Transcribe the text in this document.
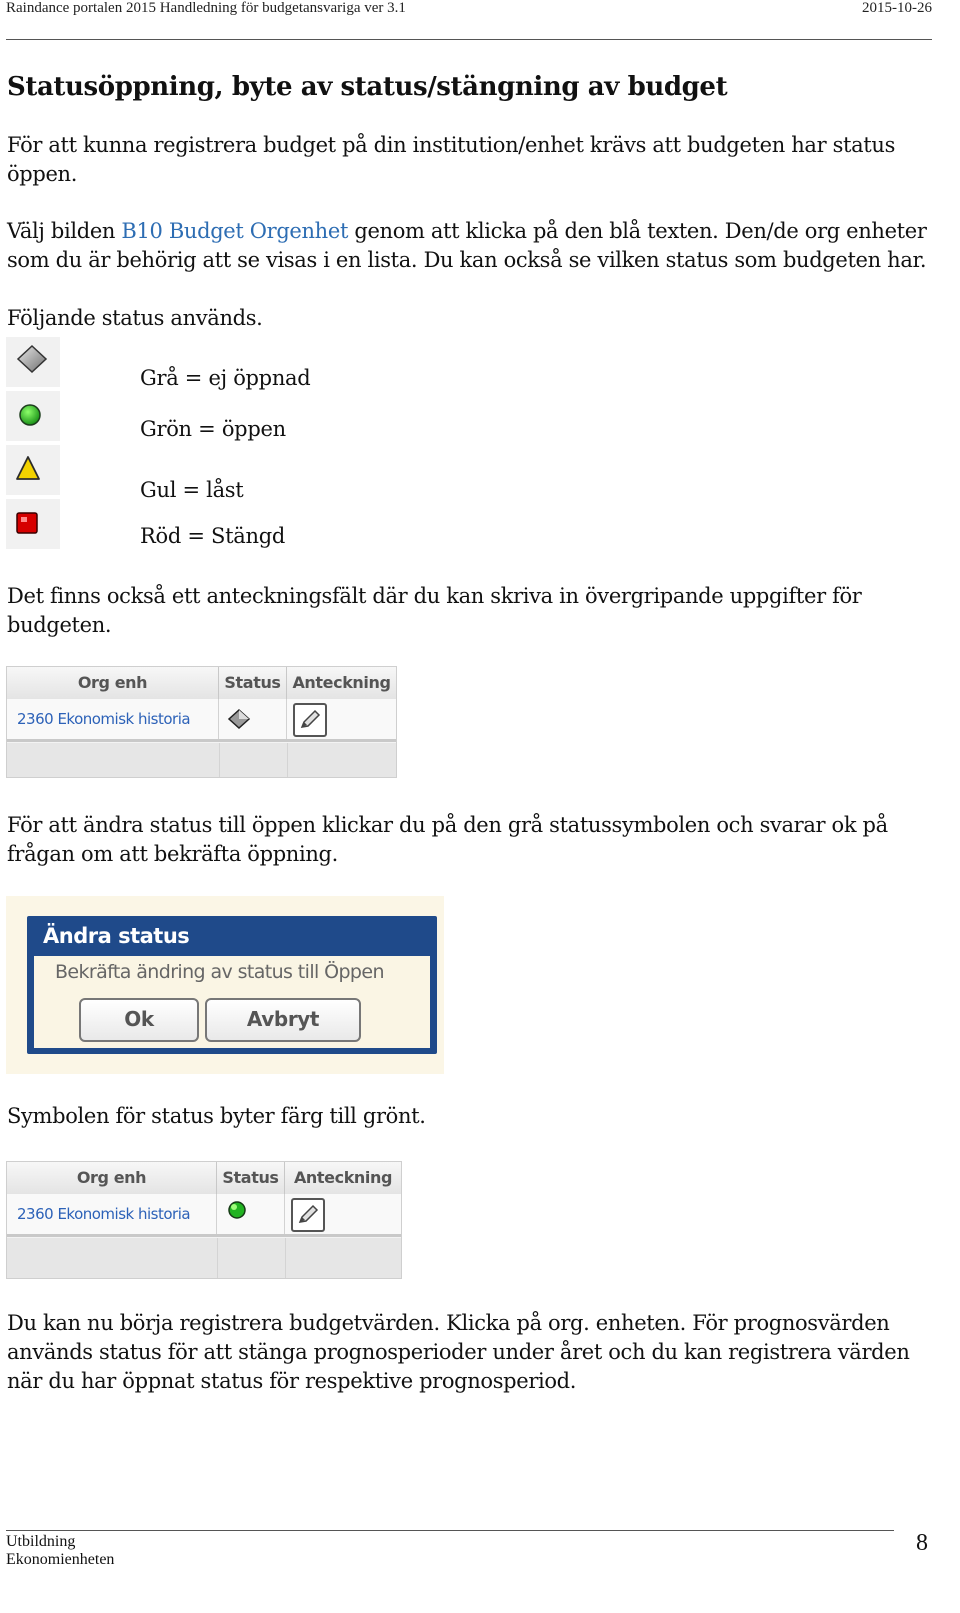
Raindance portalen 2015 Handledning för budgetansvariga ver 3.1	2015-10-26
Statusöppning, byte av status/stängning av budget
För att kunna registrera budget på din institution/enhet krävs att budgeten har status öppen.
Välj bilden B10 Budget Orgenhet genom att klicka på den blå texten. Den/de org enheter som du är behörig att se visas i en lista. Du kan också se vilken status som budgeten har.
Följande status används.
Grå = ej öppnad
Grön = öppen
Gul = låst
Röd = Stängd
Det finns också ett anteckningsfält där du kan skriva in övergripande uppgifter för budgeten.
Org enh	Status Anteckning
2360 Ekonomisk historia
För att ändra status till öppen klickar du på den grå statussymbolen och svarar ok på frågan om att bekräfta öppning.
Ändra status
Bekräfta ändring av status till Öppen
Ok	Avbryt
Symbolen för status byter färg till grönt.
Org enh	Status Anteckning
2360 Ekonomisk historia
Du kan nu börja registrera budgetvärden. Klicka på org. enheten. För prognosvärden används status för att stänga prognosperioder under året och du kan registrera värden när du har öppnat status för respektive prognosperiod.
Utbildning
Ekonomienheten
8
